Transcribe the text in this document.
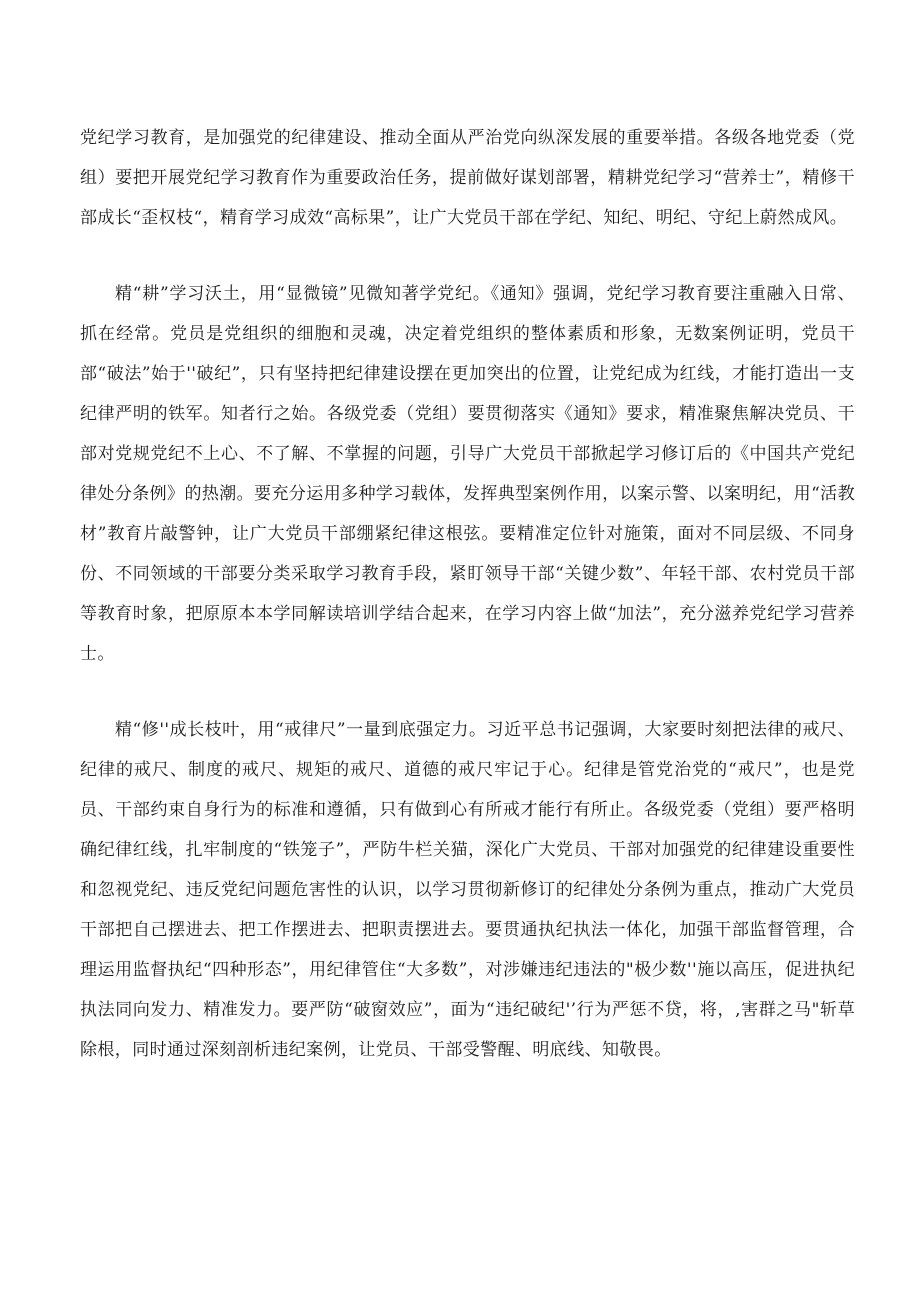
党纪学习教育，是加强党的纪律建设、推动全面从严治党向纵深发展的重要举措。各级各地党委（党组）要把开展党纪学习教育作为重要政治任务，提前做好谋划部署，精耕党纪学习“营养士”，精修干部成长“歪权枝“，精育学习成效“高标果”，让广大党员干部在学纪、知纪、明纪、守纪上蔚然成风。

精“耕”学习沃土，用“显微镜”见微知著学党纪。《通知》强调，党纪学习教育要注重融入日常、抓在经常。党员是党组织的细胞和灵魂，决定着党组织的整体素质和形象，无数案例证明，党员干部“破法”始于''破纪”，只有坚持把纪律建设摆在更加突出的位置，让党纪成为红线，才能打造出一支纪律严明的铁军。知者行之始。各级党委（党组）要贯彻落实《通知》要求，精准聚焦解决党员、干部对党规党纪不上心、不了解、不掌握的问题，引导广大党员干部掀起学习修订后的《中国共产党纪律处分条例》的热潮。要充分运用多种学习载体，发挥典型案例作用，以案示警、以案明纪，用“活教材”教育片敲警钟，让广大党员干部绷紧纪律这根弦。要精准定位针对施策，面对不同层级、不同身份、不同领域的干部要分类采取学习教育手段，紧盯领导干部“关键少数”、年轻干部、农村党员干部等教育时象，把原原本本学同解读培训学结合起来，在学习内容上做“加法”，充分滋养党纪学习营养士。

精“修''成长枝叶，用“戒律尺”一量到底强定力。习近平总书记强调，大家要时刻把法律的戒尺、纪律的戒尺、制度的戒尺、规矩的戒尺、道德的戒尺牢记于心。纪律是管党治党的“戒尺”，也是党员、干部约束自身行为的标准和遵循，只有做到心有所戒才能行有所止。各级党委（党组）要严格明确纪律红线，扎牢制度的“铁笼子”，严防牛栏关猫，深化广大党员、干部对加强党的纪律建设重要性和忽视党纪、违反党纪问题危害性的认识，以学习贯彻新修订的纪律处分条例为重点，推动广大党员干部把自己摆进去、把工作摆进去、把职责摆进去。要贯通执纪执法一体化，加强干部监督管理，合理运用监督执纪“四种形态”，用纪律管住“大多数”，对涉嫌违纪违法的"极少数''施以高压，促进执纪执法同向发力、精准发力。要严防“破窗效应”，面为“违纪破纪'’行为严惩不贷，将，,害群之马"斩草除根，同时通过深刻剖析违纪案例，让党员、干部受警醒、明底线、知敬畏。
